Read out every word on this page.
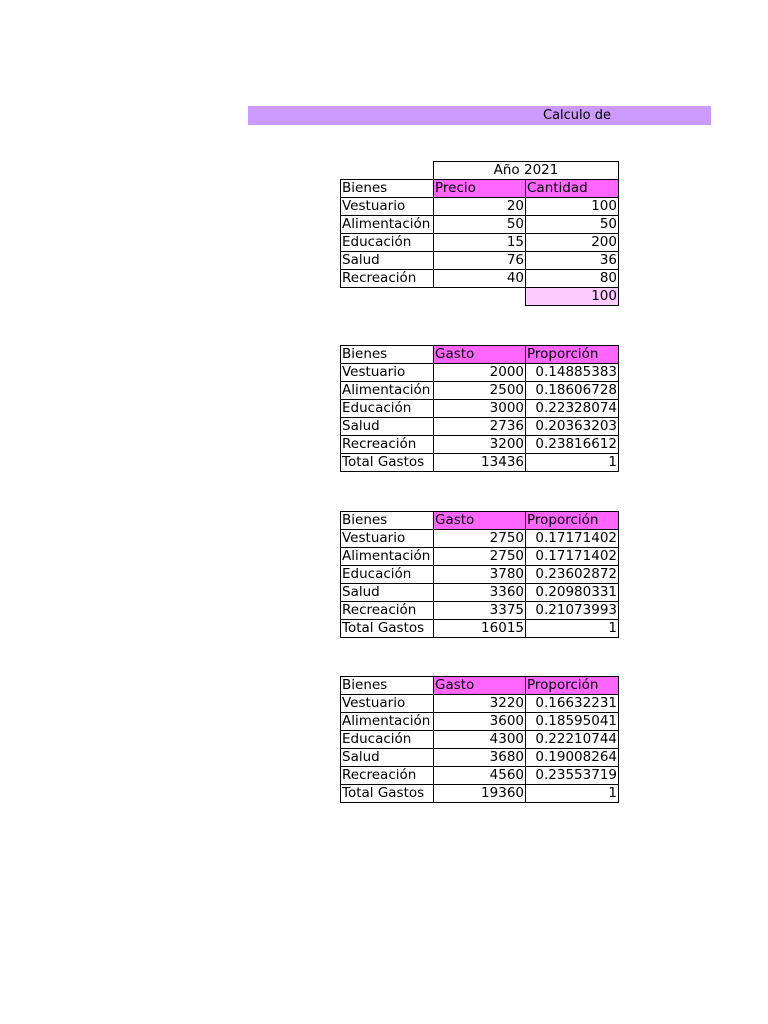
Calculo de
	Año 2021	
Bienes	Precio	Cantidad
Vestuario	20	100
Alimentación	50	50
Educación	15	200
Salud	76	36
Recreación	40	80
		100
Bienes	Gasto	Proporción
Vestuario	2000	0.14885383
Alimentación	2500	0.18606728
Educación	3000	0.22328074
Salud	2736	0.20363203
Recreación	3200	0.23816612
Total Gastos	13436	1
Bienes	Gasto	Proporción
Vestuario	2750	0.17171402
Alimentación	2750	0.17171402
Educación	3780	0.23602872
Salud	3360	0.20980331
Recreación	3375	0.21073993
Total Gastos	16015	1
Bienes	Gasto	Proporción
Vestuario	3220	0.16632231
Alimentación	3600	0.18595041
Educación	4300	0.22210744
Salud	3680	0.19008264
Recreación	4560	0.23553719
Total Gastos	19360	1
